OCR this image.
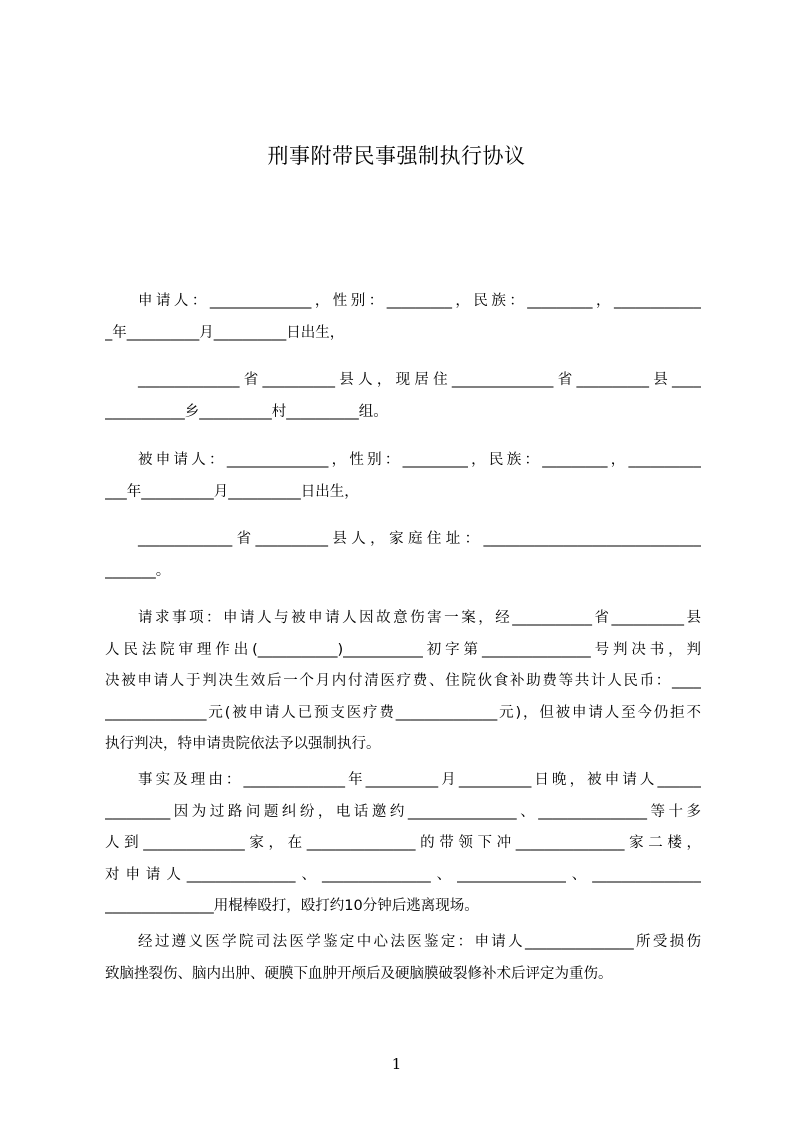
刑事附带民事强制执行协议
申请人：______________，性别：_________，民族：_________，____________
_年__________月__________日出生，
______________省__________县人，现居住______________省__________县____
___________乡__________村__________组。
被申请人：______________，性别：_________，民族：_________，__________
___年__________月__________日出生，
_____________省__________县人，家庭住址：______________________________
_______。
请求事项：申请人与被申请人因故意伤害一案，经___________省__________县
人民法院审理作出(___________)___________初字第_______________号判决书，判
决被申请人于判决生效后一个月内付清医疗费、住院伙食补助费等共计人民币：____
______________元(被申请人已预支医疗费______________元)，但被申请人至今仍拒不
执行判决，特申请贵院依法予以强制执行。
事实及理由：______________年__________月__________日晚，被申请人______
_________因为过路问题纠纷，电话邀约_______________、_______________等十多
人到______________家，在_______________的带领下冲_______________家二楼，
对申请人_______________、_______________、_______________、_______________
_______________用棍棒殴打，殴打约10分钟后逃离现场。
经过遵义医学院司法医学鉴定中心法医鉴定：申请人_______________所受损伤
致脑挫裂伤、脑内出肿、硬膜下血肿开颅后及硬脑膜破裂修补术后评定为重伤。
1
